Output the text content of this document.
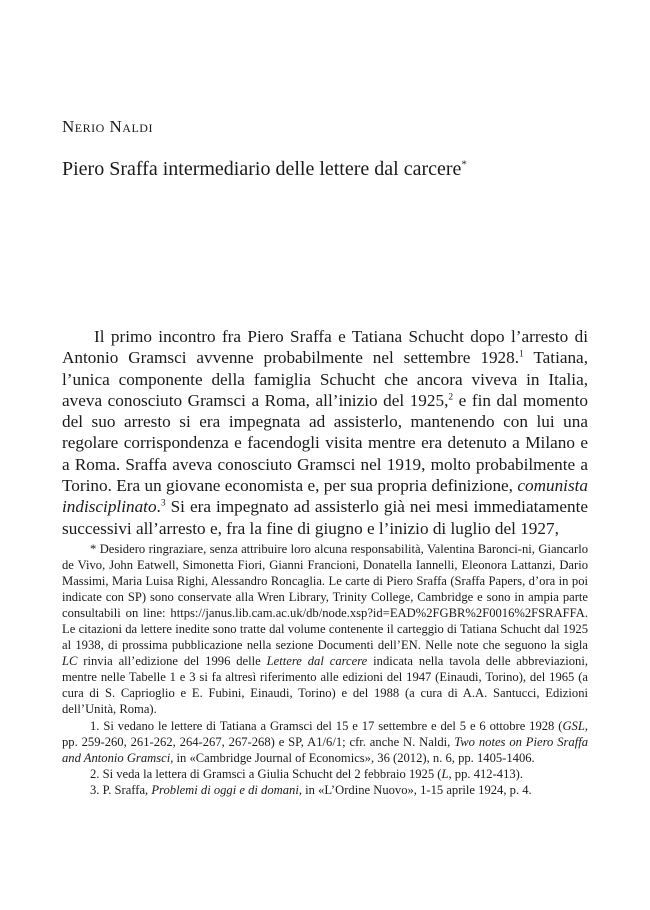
Nerio Naldi
Piero Sraffa intermediario delle lettere dal carcere*

Il primo incontro fra Piero Sraffa e Tatiana Schucht dopo l’arresto di Antonio Gramsci avvenne probabilmente nel settembre 1928.$^1$ Tatiana, l’unica componente della famiglia Schucht che ancora viveva in Italia, aveva conosciuto Gramsci a Roma, all’inizio del 1925,$^2$ e fin dal momento del suo arresto si era impegnata ad assisterlo, mantenendo con lui una regolare corrispondenza e facendogli visita mentre era detenuto a Milano e a Roma. Sraffa aveva conosciuto Gramsci nel 1919, molto probabilmente a Torino. Era un giovane economista e, per sua propria definizione, comunista indisciplinato.$^3$ Si era impegnato ad assisterlo già nei mesi immediatamente successivi all’arresto e, fra la fine di giugno e l’inizio di luglio del 1927,

* Desidero ringraziare, senza attribuire loro alcuna responsabilità, Valentina Baronci-ni, Giancarlo de Vivo, John Eatwell, Simonetta Fiori, Gianni Francioni, Donatella Iannelli, Eleonora Lattanzi, Dario Massimi, Maria Luisa Righi, Alessandro Roncaglia. Le carte di Piero Sraffa (Sraffa Papers, d’ora in poi indicate con SP) sono conservate alla Wren Library, Trinity College, Cambridge e sono in ampia parte consultabili on line: https://janus.lib.cam.ac.uk/db/node.xsp?id=EAD%2FGBR%2F0016%2FSRAFFA. Le citazioni da lettere inedite sono tratte dal volume contenente il carteggio di Tatiana Schucht dal 1925 al 1938, di prossima pubblicazione nella sezione Documenti dell’EN. Nelle note che seguono la sigla LC rinvia all’edizione del 1996 delle Lettere dal carcere indicata nella tavola delle abbreviazioni, mentre nelle Tabelle 1 e 3 si fa altresì riferimento alle edizioni del 1947 (Einaudi, Torino), del 1965 (a cura di S. Caprioglio e E. Fubini, Einaudi, Torino) e del 1988 (a cura di A.A. Santucci, Edizioni dell’Unità, Roma).

1. Si vedano le lettere di Tatiana a Gramsci del 15 e 17 settembre e del 5 e 6 ottobre 1928 (GSL, pp. 259-260, 261-262, 264-267, 267-268) e SP, A1/6/1; cfr. anche N. Naldi, Two notes on Piero Sraffa and Antonio Gramsci, in «Cambridge Journal of Economics», 36 (2012), n. 6, pp. 1405-1406.

2. Si veda la lettera di Gramsci a Giulia Schucht del 2 febbraio 1925 (L, pp. 412-413).

3. P. Sraffa, Problemi di oggi e di domani, in «L’Ordine Nuovo», 1-15 aprile 1924, p. 4.
